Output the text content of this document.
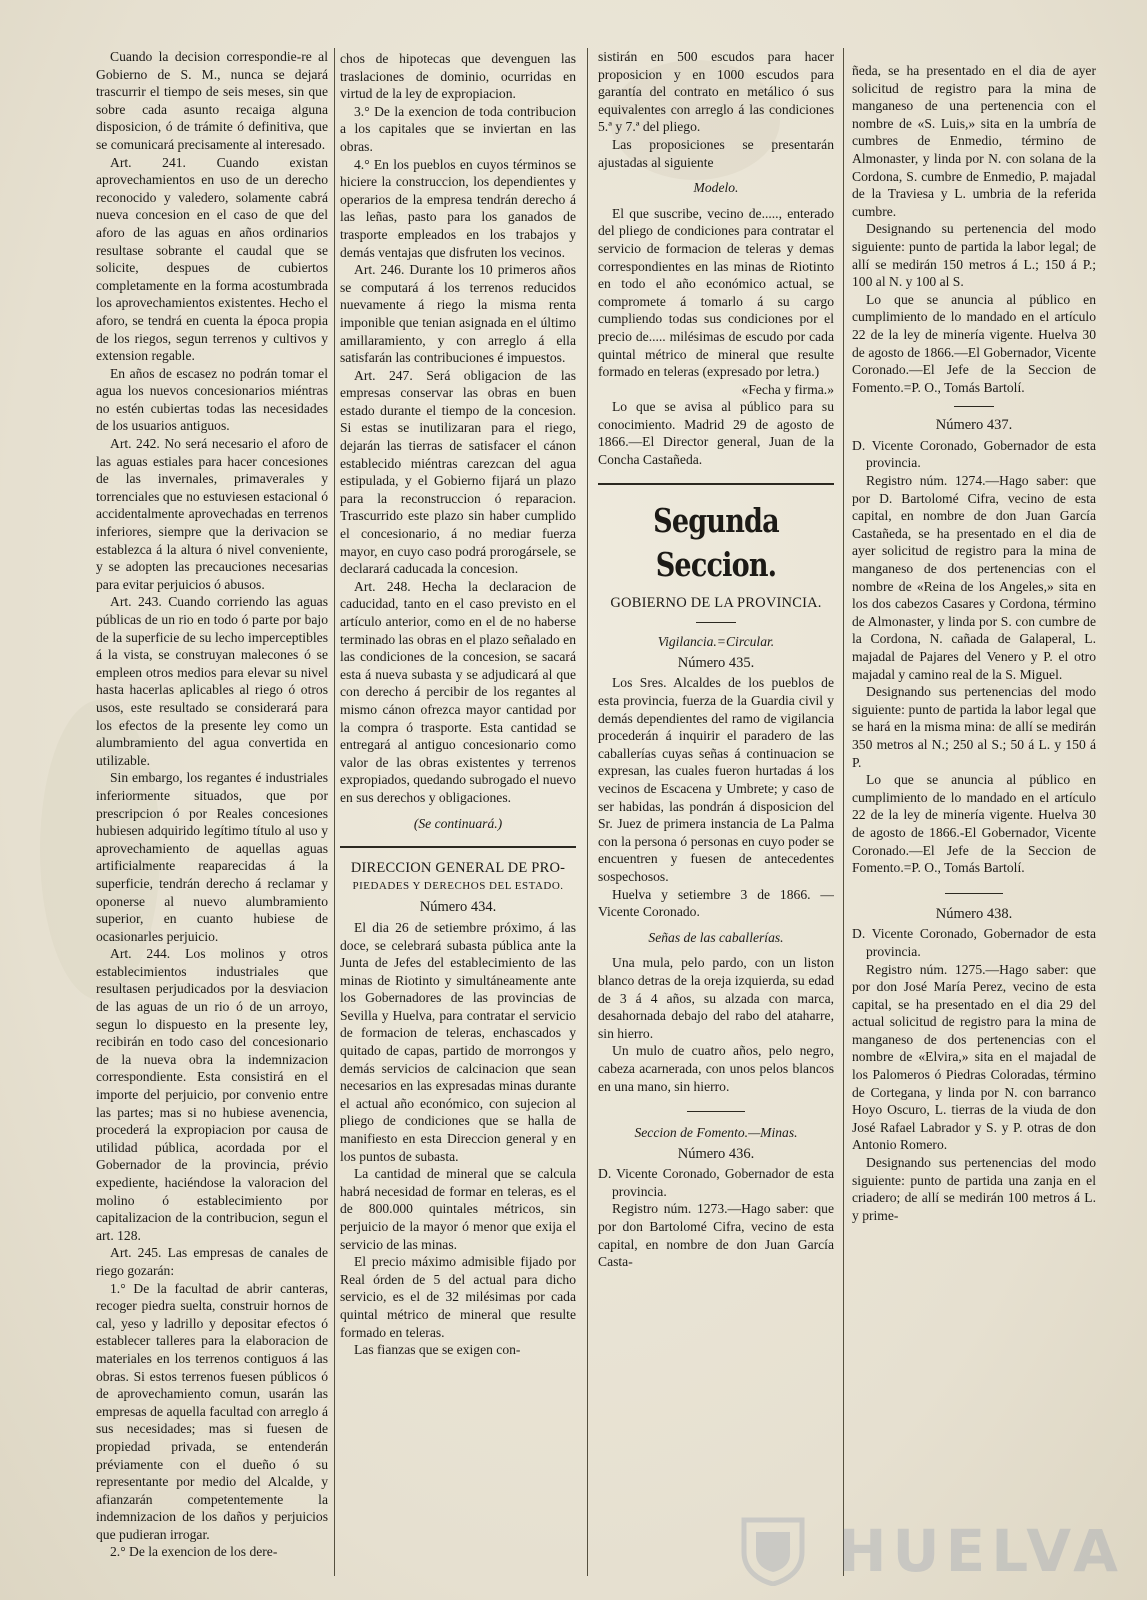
Cuando la decision correspondie-re al Gobierno de S. M., nunca se dejará trascurrir el tiempo de seis meses, sin que sobre cada asunto recaiga alguna disposicion, ó de trámite ó definitiva, que se comunicará precisamente al interesado.

Art. 241. Cuando existan aprovechamientos en uso de un derecho reconocido y valedero, solamente cabrá nueva concesion en el caso de que del aforo de las aguas en años ordinarios resultase sobrante el caudal que se solicite, despues de cubiertos completamente en la forma acostumbrada los aprovechamientos existentes. Hecho el aforo, se tendrá en cuenta la época propia de los riegos, segun terrenos y cultivos y extension regable.

En años de escasez no podrán tomar el agua los nuevos concesionarios miéntras no estén cubiertas todas las necesidades de los usuarios antiguos.

Art. 242. No será necesario el aforo de las aguas estiales para hacer concesiones de las invernales, primaverales y torrenciales que no estuviesen estacional ó accidentalmente aprovechadas en terrenos inferiores, siempre que la derivacion se establezca á la altura ó nivel conveniente, y se adopten las precauciones necesarias para evitar perjuicios ó abusos.

Art. 243. Cuando corriendo las aguas públicas de un rio en todo ó parte por bajo de la superficie de su lecho imperceptibles á la vista, se construyan malecones ó se empleen otros medios para elevar su nivel hasta hacerlas aplicables al riego ó otros usos, este resultado se considerará para los efectos de la presente ley como un alumbramiento del agua convertida en utilizable.

Sin embargo, los regantes é industriales inferiormente situados, que por prescripcion ó por Reales concesiones hubiesen adquirido legítimo título al uso y aprovechamiento de aquellas aguas artificialmente reaparecidas á la superficie, tendrán derecho á reclamar y oponerse al nuevo alumbramiento superior, en cuanto hubiese de ocasionarles perjuicio.

Art. 244. Los molinos y otros establecimientos industriales que resultasen perjudicados por la desviacion de las aguas de un rio ó de un arroyo, segun lo dispuesto en la presente ley, recibirán en todo caso del concesionario de la nueva obra la indemnizacion correspondiente. Esta consistirá en el importe del perjuicio, por convenio entre las partes; mas si no hubiese avenencia, procederá la expropiacion por causa de utilidad pública, acordada por el Gobernador de la provincia, prévio expediente, haciéndose la valoracion del molino ó establecimiento por capitalizacion de la contribucion, segun el art. 128.

Art. 245. Las empresas de canales de riego gozarán:

1.° De la facultad de abrir canteras, recoger piedra suelta, construir hornos de cal, yeso y ladrillo y depositar efectos ó establecer talleres para la elaboracion de materiales en los terrenos contiguos á las obras. Si estos terrenos fuesen públicos ó de aprovechamiento comun, usarán las empresas de aquella facultad con arreglo á sus necesidades; mas si fuesen de propiedad privada, se entenderán préviamente con el dueño ó su representante por medio del Alcalde, y afianzarán competentemente la indemnizacion de los daños y perjuicios que pudieran irrogar.

2.° De la exencion de los dere-

chos de hipotecas que devenguen las traslaciones de dominio, ocurridas en virtud de la ley de expropiacion.

3.° De la exencion de toda contribucion a los capitales que se inviertan en las obras.

4.° En los pueblos en cuyos términos se hiciere la construccion, los dependientes y operarios de la empresa tendrán derecho á las leñas, pasto para los ganados de trasporte empleados en los trabajos y demás ventajas que disfruten los vecinos.

Art. 246. Durante los 10 primeros años se computará á los terrenos reducidos nuevamente á riego la misma renta imponible que tenian asignada en el último amillaramiento, y con arreglo á ella satisfarán las contribuciones é impuestos.

Art. 247. Será obligacion de las empresas conservar las obras en buen estado durante el tiempo de la concesion. Si estas se inutilizaran para el riego, dejarán las tierras de satisfacer el cánon establecido miéntras carezcan del agua estipulada, y el Gobierno fijará un plazo para la reconstruccion ó reparacion. Trascurrido este plazo sin haber cumplido el concesionario, á no mediar fuerza mayor, en cuyo caso podrá prorogársele, se declarará caducada la concesion.

Art. 248. Hecha la declaracion de caducidad, tanto en el caso previsto en el artículo anterior, como en el de no haberse terminado las obras en el plazo señalado en las condiciones de la concesion, se sacará esta á nueva subasta y se adjudicará al que con derecho á percibir de los regantes al mismo cánon ofrezca mayor cantidad por la compra ó trasporte. Esta cantidad se entregará al antiguo concesionario como valor de las obras existentes y terrenos expropiados, quedando subrogado el nuevo en sus derechos y obligaciones.

(Se continuará.)

DIRECCION GENERAL DE PRO-

PIEDADES Y DERECHOS DEL ESTADO.

Número 434.

El dia 26 de setiembre próximo, á las doce, se celebrará subasta pública ante la Junta de Jefes del establecimiento de las minas de Riotinto y simultáneamente ante los Gobernadores de las provincias de Sevilla y Huelva, para contratar el servicio de formacion de teleras, enchascados y quitado de capas, partido de morrongos y demás servicios de calcinacion que sean necesarios en las expresadas minas durante el actual año económico, con sujecion al pliego de condiciones que se halla de manifiesto en esta Direccion general y en los puntos de subasta.

La cantidad de mineral que se calcula habrá necesidad de formar en teleras, es el de 800.000 quintales métricos, sin perjuicio de la mayor ó menor que exija el servicio de las minas.

El precio máximo admisible fijado por Real órden de 5 del actual para dicho servicio, es el de 32 milésimas por cada quintal métrico de mineral que resulte formado en teleras.

Las fianzas que se exigen con-

sistirán en 500 escudos para hacer proposicion y en 1000 escudos para garantía del contrato en metálico ó sus equivalentes con arreglo á las condiciones 5.ª y 7.ª del pliego.

Las proposiciones se presentarán ajustadas al siguiente

Modelo.

El que suscribe, vecino de....., enterado del pliego de condiciones para contratar el servicio de formacion de teleras y demas correspondientes en las minas de Riotinto en todo el año económico actual, se compromete á tomarlo á su cargo cumpliendo todas sus condiciones por el precio de..... milésimas de escudo por cada quintal métrico de mineral que resulte formado en teleras (expresado por letra.)

«Fecha y firma.»

Lo que se avisa al público para su conocimiento. Madrid 29 de agosto de 1866.—El Director general, Juan de la Concha Castañeda.

Segunda Seccion.

GOBIERNO DE LA PROVINCIA.

Vigilancia.=Circular.

Número 435.

Los Sres. Alcaldes de los pueblos de esta provincia, fuerza de la Guardia civil y demás dependientes del ramo de vigilancia procederán á inquirir el paradero de las caballerías cuyas señas á continuacion se expresan, las cuales fueron hurtadas á los vecinos de Escacena y Umbrete; y caso de ser habidas, las pondrán á disposicion del Sr. Juez de primera instancia de La Palma con la persona ó personas en cuyo poder se encuentren y fuesen de antecedentes sospechosos.

Huelva y setiembre 3 de 1866. —Vicente Coronado.

Señas de las caballerías.

Una mula, pelo pardo, con un liston blanco detras de la oreja izquierda, su edad de 3 á 4 años, su alzada con marca, desahornada debajo del rabo del ataharre, sin hierro.

Un mulo de cuatro años, pelo negro, cabeza acarnerada, con unos pelos blancos en una mano, sin hierro.

Seccion de Fomento.—Minas.

Número 436.

D. Vicente Coronado, Gobernador de esta provincia.

Registro núm. 1273.—Hago saber: que por don Bartolomé Cifra, vecino de esta capital, en nombre de don Juan García Casta-

ñeda, se ha presentado en el dia de ayer solicitud de registro para la mina de manganeso de una pertenencia con el nombre de «S. Luis,» sita en la umbría de cumbres de Enmedio, término de Almonaster, y linda por N. con solana de la Cordona, S. cumbre de Enmedio, P. majadal de la Traviesa y L. umbria de la referida cumbre.

Designando su pertenencia del modo siguiente: punto de partida la labor legal; de allí se medirán 150 metros á L.; 150 á P.; 100 al N. y 100 al S.

Lo que se anuncia al público en cumplimiento de lo mandado en el artículo 22 de la ley de minería vigente. Huelva 30 de agosto de 1866.—El Gobernador, Vicente Coronado.—El Jefe de la Seccion de Fomento.=P. O., Tomás Bartolí.

Número 437.

D. Vicente Coronado, Gobernador de esta provincia.

Registro núm. 1274.—Hago saber: que por D. Bartolomé Cifra, vecino de esta capital, en nombre de don Juan García Castañeda, se ha presentado en el dia de ayer solicitud de registro para la mina de manganeso de dos pertenencias con el nombre de «Reina de los Angeles,» sita en los dos cabezos Casares y Cordona, término de Almonaster, y linda por S. con cumbre de la Cordona, N. cañada de Galaperal, L. majadal de Pajares del Venero y P. el otro majadal y camino real de la S. Miguel.

Designando sus pertenencias del modo siguiente: punto de partida la labor legal que se hará en la misma mina: de allí se medirán 350 metros al N.; 250 al S.; 50 á L. y 150 á P.

Lo que se anuncia al público en cumplimiento de lo mandado en el artículo 22 de la ley de minería vigente. Huelva 30 de agosto de 1866.-El Gobernador, Vicente Coronado.—El Jefe de la Seccion de Fomento.=P. O., Tomás Bartolí.

Número 438.

D. Vicente Coronado, Gobernador de esta provincia.

Registro núm. 1275.—Hago saber: que por don José María Perez, vecino de esta capital, se ha presentado en el dia 29 del actual solicitud de registro para la mina de manganeso de dos pertenencias con el nombre de «Elvira,» sita en el majadal de los Palomeros ó Piedras Coloradas, término de Cortegana, y linda por N. con barranco Hoyo Oscuro, L. tierras de la viuda de don José Rafael Labrador y S. y P. otras de don Antonio Romero.

Designando sus pertenencias del modo siguiente: punto de partida una zanja en el criadero; de allí se medirán 100 metros á L. y prime-

HUELVA
